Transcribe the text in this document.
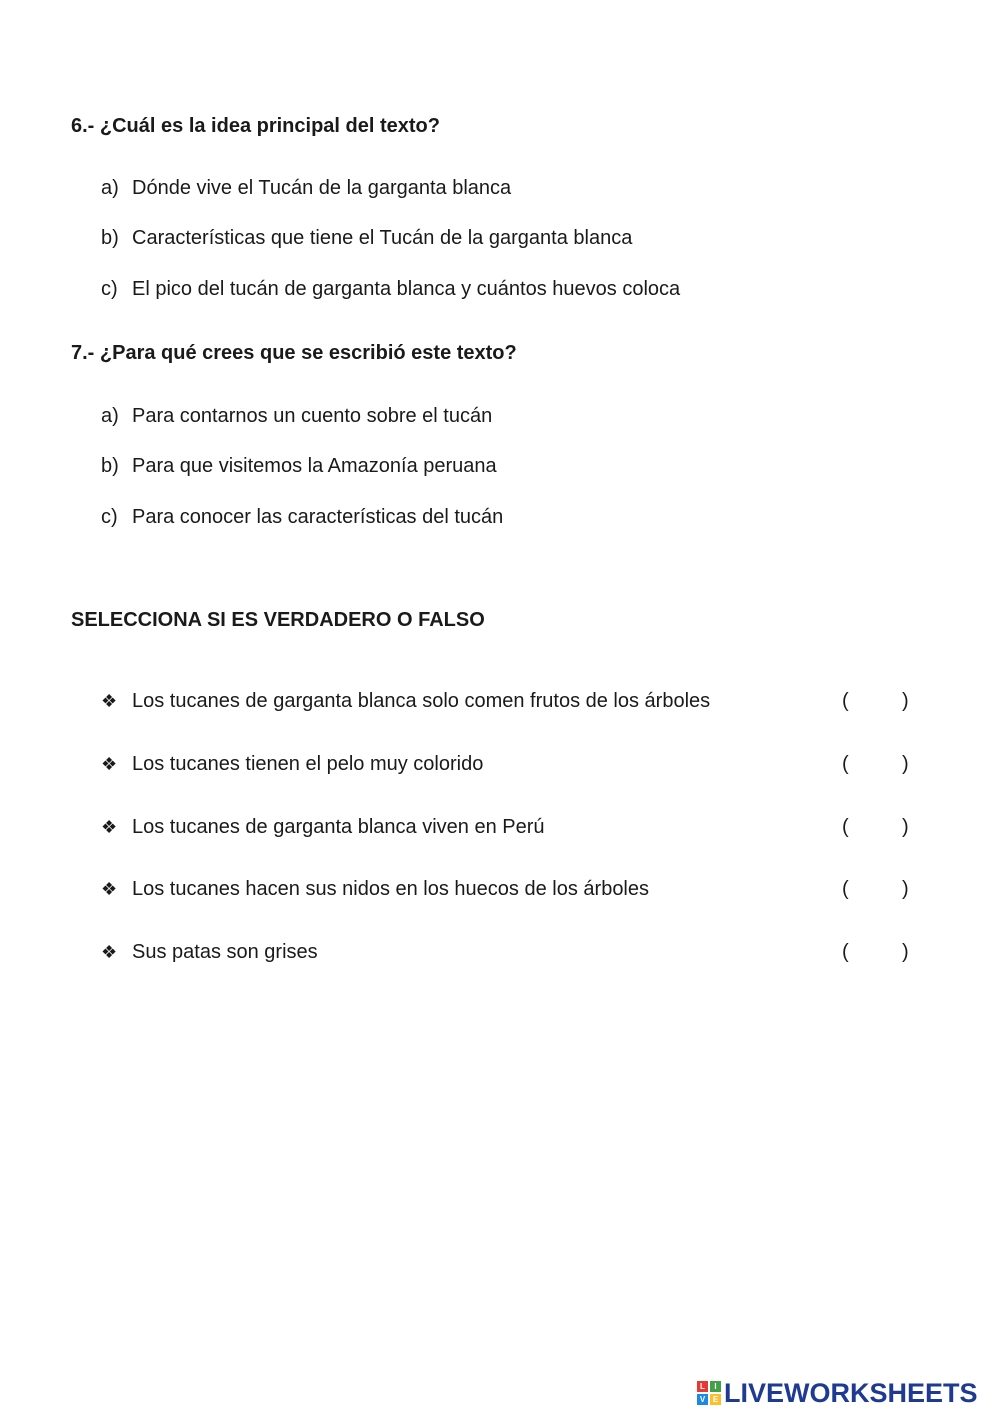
6.- ¿Cuál es la idea principal del texto?
a) Dónde vive el Tucán de la garganta blanca
b) Características que tiene el Tucán de la garganta blanca
c) El pico del tucán de garganta blanca y cuántos huevos coloca
7.- ¿Para qué crees que se escribió este texto?
a) Para contarnos un cuento sobre el tucán
b) Para que visitemos la Amazonía peruana
c) Para conocer las características del tucán
SELECCIONA SI ES VERDADERO O FALSO
❖ Los tucanes de garganta blanca solo comen frutos de los árboles	(	)
❖ Los tucanes tienen el pelo muy colorido	(	)
❖ Los tucanes de garganta blanca viven en Perú	(	)
❖ Los tucanes hacen sus nidos en los huecos de los árboles	(	)
❖ Sus patas son grises	(	)
L	I
V E LIVEWORKSHEETS
